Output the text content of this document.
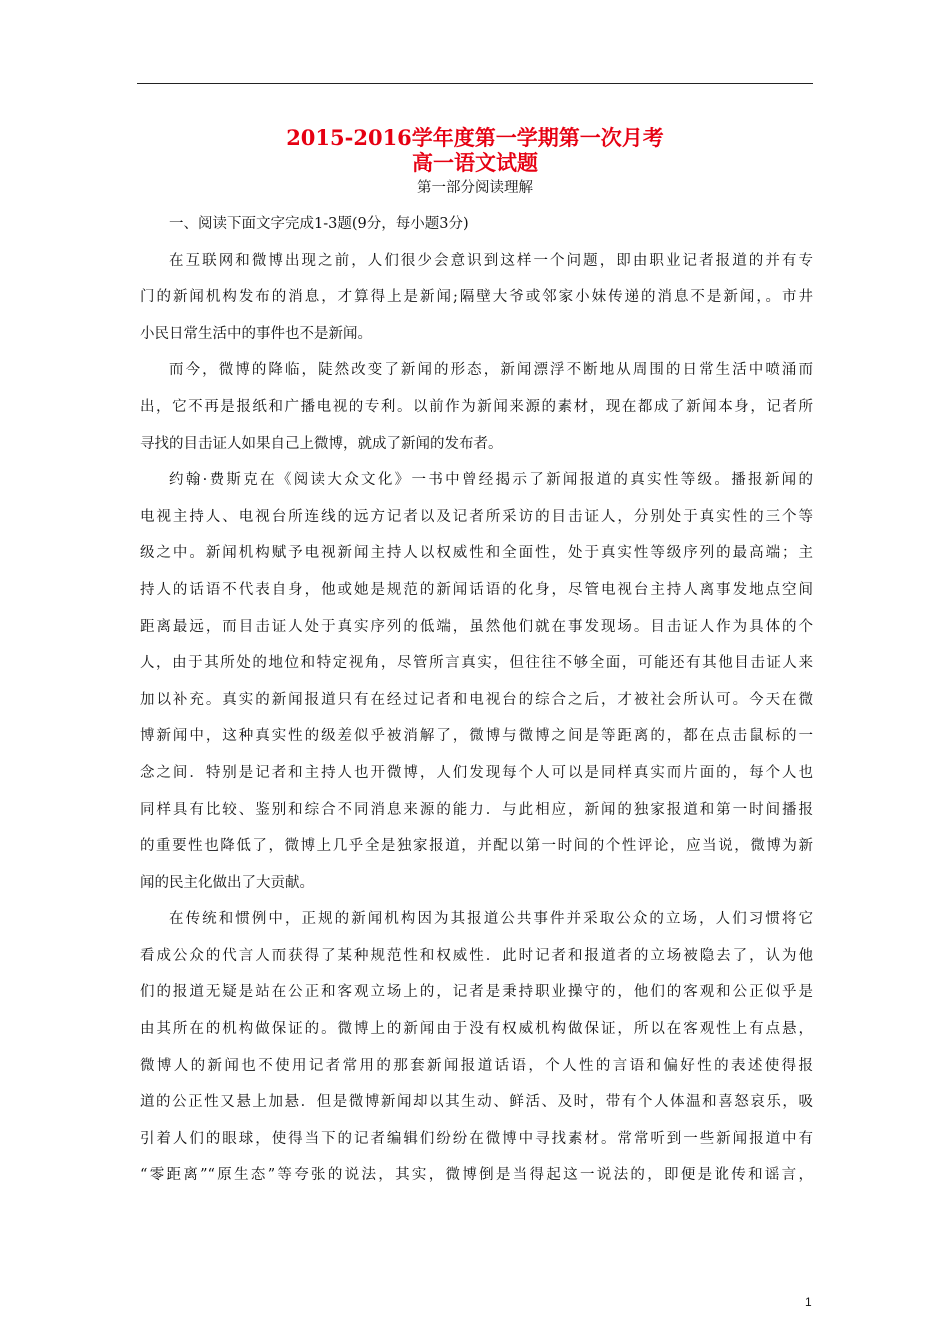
2015-2016学年度第一学期第一次月考
高一语文试题
第一部分阅读理解
一、阅读下面文字完成1-3题(9分，每小题3分)
在互联网和微博出现之前，人们很少会意识到这样一个问题，即由职业记者报道的并有专
门的新闻机构发布的消息，才算得上是新闻;隔壁大爷或邻家小妹传递的消息不是新闻，。市井
小民日常生活中的事件也不是新闻。
而今，微博的降临，陡然改变了新闻的形态，新闻漂浮不断地从周围的日常生活中喷涌而
出，它不再是报纸和广播电视的专利。以前作为新闻来源的素材，现在都成了新闻本身，记者所
寻找的目击证人如果自己上微博，就成了新闻的发布者。
约翰·费斯克在《阅读大众文化》一书中曾经揭示了新闻报道的真实性等级。播报新闻的
电视主持人、电视台所连线的远方记者以及记者所采访的目击证人，分别处于真实性的三个等
级之中。新闻机构赋予电视新闻主持人以权威性和全面性，处于真实性等级序列的最高端；主
持人的话语不代表自身，他或她是规范的新闻话语的化身，尽管电视台主持人离事发地点空间
距离最远，而目击证人处于真实序列的低端，虽然他们就在事发现场。目击证人作为具体的个
人，由于其所处的地位和特定视角，尽管所言真实，但往往不够全面，可能还有其他目击证人来
加以补充。真实的新闻报道只有在经过记者和电视台的综合之后，才被社会所认可。今天在微
博新闻中，这种真实性的级差似乎被消解了，微博与微博之间是等距离的，都在点击鼠标的一
念之间．特别是记者和主持人也开微博，人们发现每个人可以是同样真实而片面的，每个人也
同样具有比较、鉴别和综合不同消息来源的能力．与此相应，新闻的独家报道和第一时间播报
的重要性也降低了，微博上几乎全是独家报道，并配以第一时间的个性评论，应当说，微博为新
闻的民主化做出了大贡献。
在传统和惯例中，正规的新闻机构因为其报道公共事件并采取公众的立场，人们习惯将它
看成公众的代言人而获得了某种规范性和权威性．此时记者和报道者的立场被隐去了，认为他
们的报道无疑是站在公正和客观立场上的，记者是秉持职业操守的，他们的客观和公正似乎是
由其所在的机构做保证的。微博上的新闻由于没有权威机构做保证，所以在客观性上有点悬，
微博人的新闻也不使用记者常用的那套新闻报道话语，个人性的言语和偏好性的表述使得报
道的公正性又悬上加悬．但是微博新闻却以其生动、鲜活、及时，带有个人体温和喜怒哀乐，吸
引着人们的眼球，使得当下的记者编辑们纷纷在微博中寻找素材。常常听到一些新闻报道中有
“零距离”“原生态”等夸张的说法，其实，微博倒是当得起这一说法的，即便是讹传和谣言，
1
